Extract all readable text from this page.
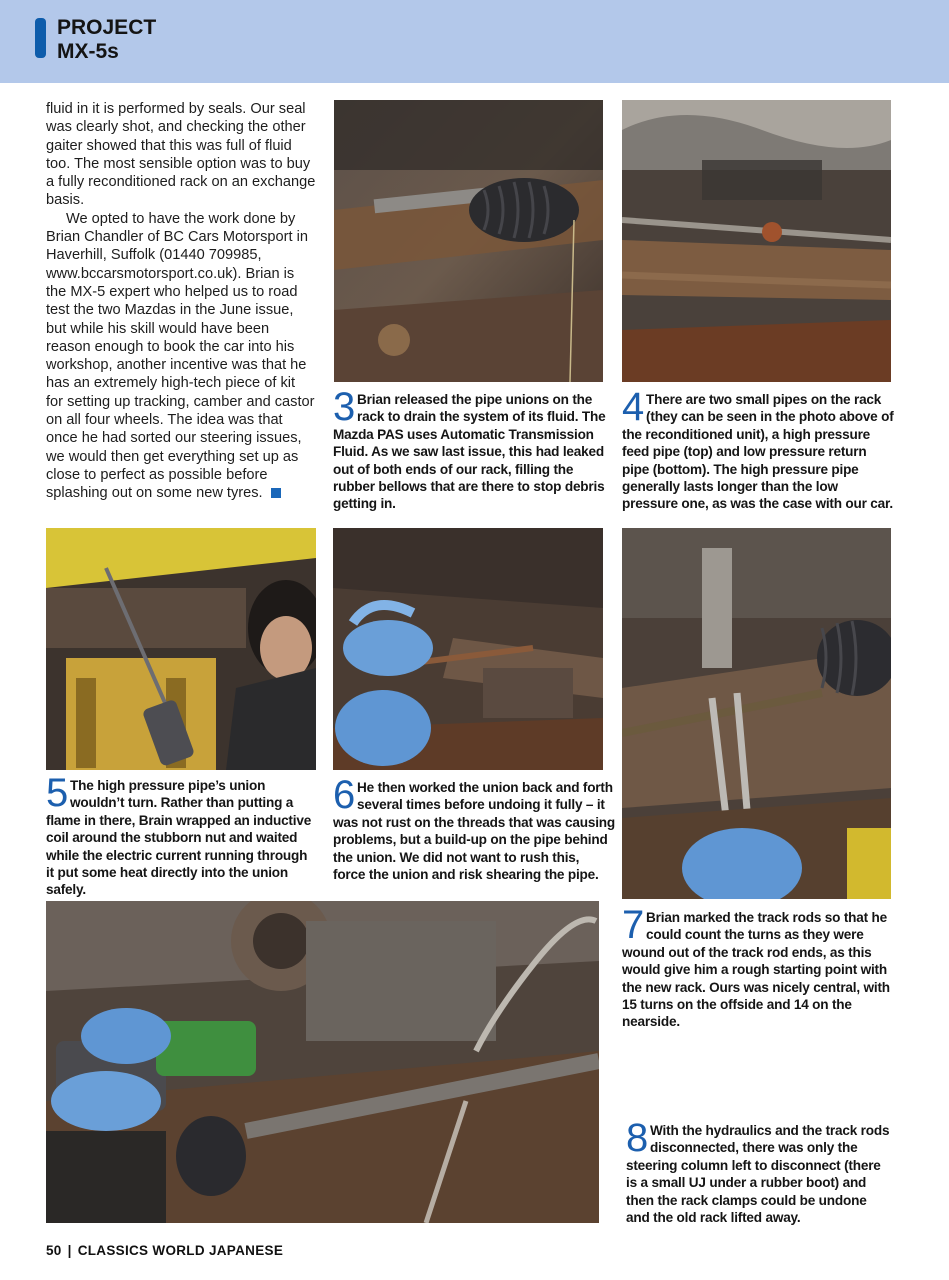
PROJECT
MX-5s

fluid in it is performed by seals. Our seal was clearly shot, and checking the other gaiter showed that this was full of fluid too. The most sensible option was to buy a fully reconditioned rack on an exchange basis.

We opted to have the work done by Brian Chandler of BC Cars Motorsport in Haverhill, Suffolk (01440 709985, www.bccarsmotorsport.co.uk). Brian is the MX-5 expert who helped us to road test the two Mazdas in the June issue, but while his skill would have been reason enough to book the car into his workshop, another incentive was that he has an extremely high-tech piece of kit for setting up tracking, camber and castor on all four wheels. The idea was that once he had sorted our steering issues, we would then get everything set up as close to perfect as possible before splashing out on some new tyres.

3 Brian released the pipe unions on the rack to drain the system of its fluid. The Mazda PAS uses Automatic Transmission Fluid. As we saw last issue, this had leaked out of both ends of our rack, filling the rubber bellows that are there to stop debris getting in.
4 There are two small pipes on the rack (they can be seen in the photo above of the reconditioned unit), a high pressure feed pipe (top) and low pressure return pipe (bottom). The high pressure pipe generally lasts longer than the low pressure one, as was the case with our car.
5 The high pressure pipe’s union wouldn’t turn. Rather than putting a flame in there, Brain wrapped an inductive coil around the stubborn nut and waited while the electric current running through it put some heat directly into the union safely.
6 He then worked the union back and forth several times before undoing it fully – it was not rust on the threads that was causing problems, but a build-up on the pipe behind the union. We did not want to rush this, force the union and risk shearing the pipe.
7 Brian marked the track rods so that he could count the turns as they were wound out of the track rod ends, as this would give him a rough starting point with the new rack. Ours was nicely central, with 15 turns on the offside and 14 on the nearside.
8 With the hydraulics and the track rods disconnected, there was only the steering column left to disconnect (there is a small UJ under a rubber boot) and then the rack clamps could be undone and the old rack lifted away.
50 | CLASSICS WORLD JAPANESE
